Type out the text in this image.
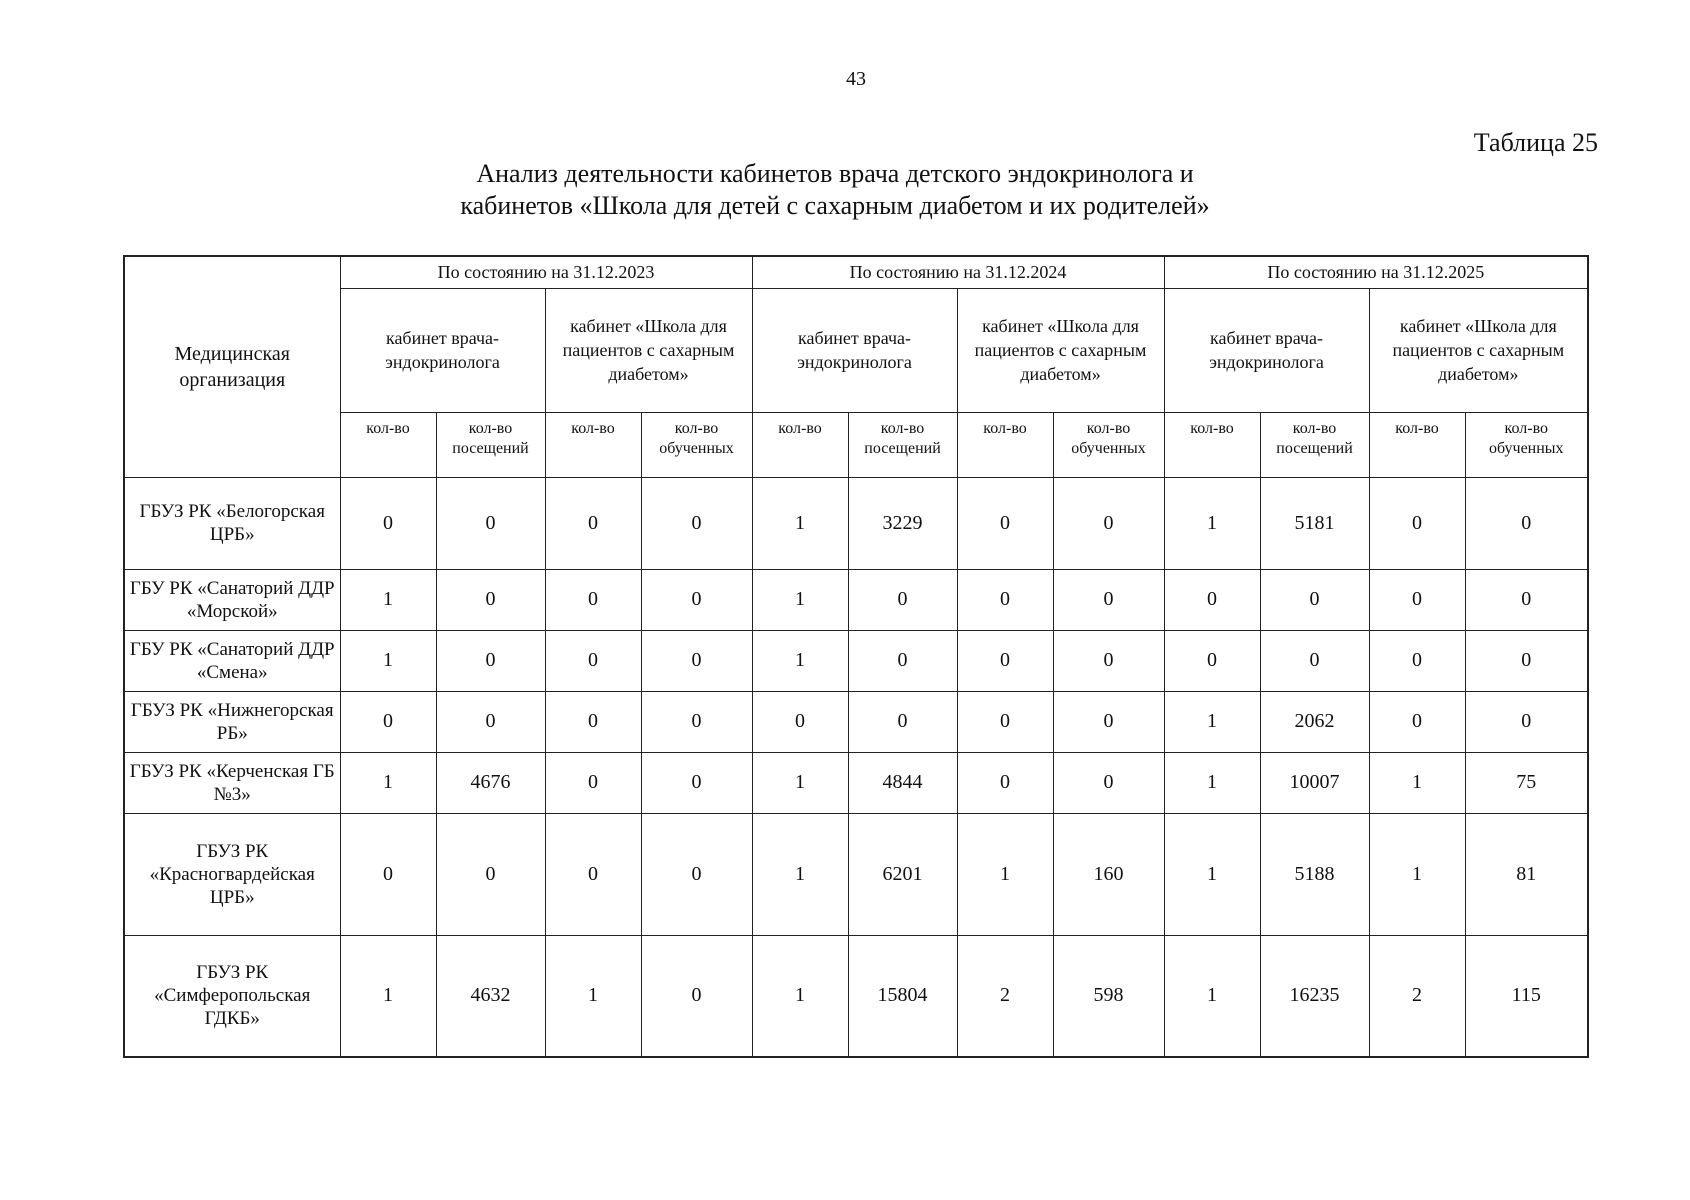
43
Таблица 25
Анализ деятельности кабинетов врача детского эндокринолога и
кабинетов «Школа для детей с сахарным диабетом и их родителей»
Медицинская организация	По состоянию на 31.12.2023				По состоянию на 31.12.2024				По состоянию на 31.12.2025			
	кабинет врача-эндокринолога		кабинет «Школа для пациентов с сахарным диабетом»		кабинет врача-эндокринолога		кабинет «Школа для пациентов с сахарным диабетом»		кабинет врача-эндокринолога		кабинет «Школа для пациентов с сахарным диабетом»	
	кол-во	кол-во посещений	кол-во	кол-во обученных	кол-во	кол-во посещений	кол-во	кол-во обученных	кол-во	кол-во посещений	кол-во	кол-во обученных
ГБУЗ РК «Белогорская ЦРБ»	0	0	0	0	1	3229	0	0	1	5181	0	0
ГБУ РК «Санаторий ДДР «Морской»	1	0	0	0	1	0	0	0	0	0	0	0
ГБУ РК «Санаторий ДДР «Смена»	1	0	0	0	1	0	0	0	0	0	0	0
ГБУЗ РК «Нижнегорская РБ»	0	0	0	0	0	0	0	0	1	2062	0	0
ГБУЗ РК «Керченская ГБ №3»	1	4676	0	0	1	4844	0	0	1	10007	1	75
ГБУЗ РК «Красногвардейская ЦРБ»	0	0	0	0	1	6201	1	160	1	5188	1	81
ГБУЗ РК «Симферопольская ГДКБ»	1	4632	1	0	1	15804	2	598	1	16235	2	115
